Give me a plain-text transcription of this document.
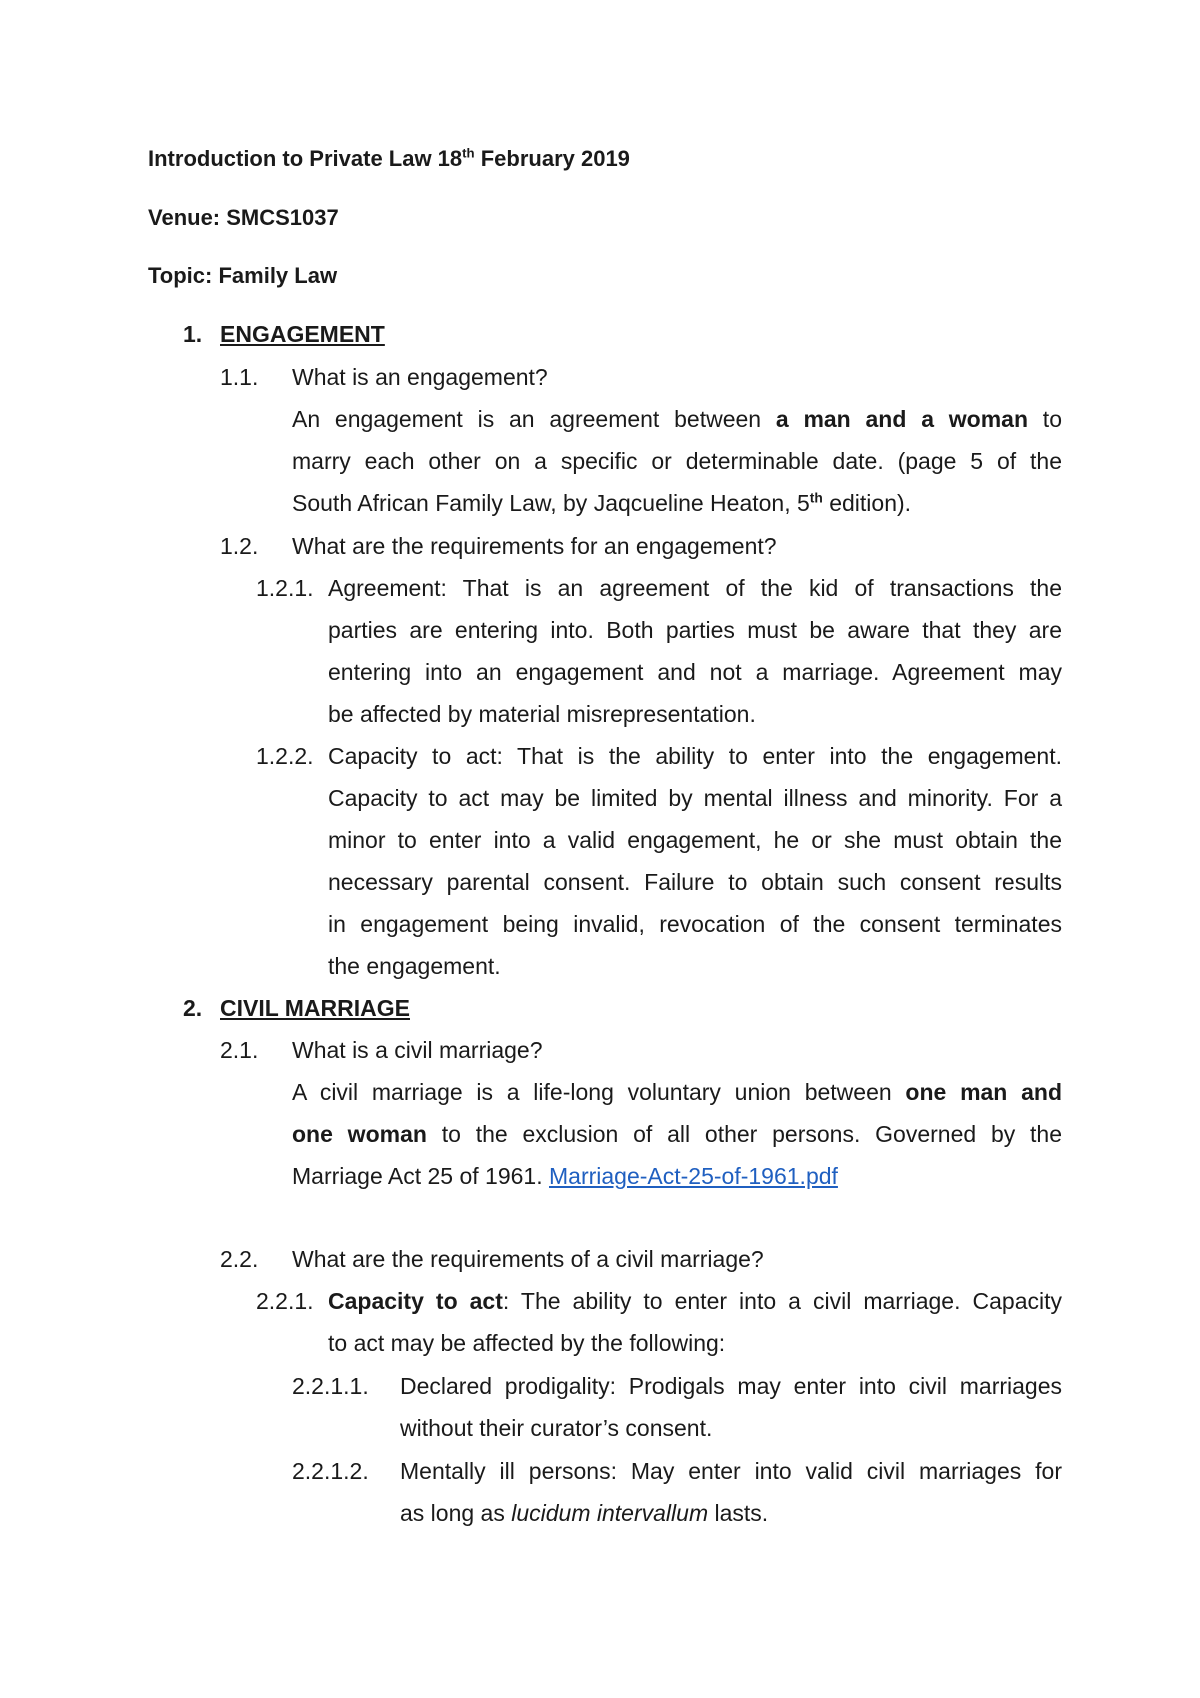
Introduction to Private Law 18th February 2019
Venue: SMCS1037
Topic: Family Law
1. ENGAGEMENT
1.1. What is an engagement?
An engagement is an agreement between a man and a woman to
marry each other on a specific or determinable date. (page 5 of the
South African Family Law, by Jaqcueline Heaton, 5th edition).
1.2. What are the requirements for an engagement?
1.2.1. Agreement: That is an agreement of the kid of transactions the
parties are entering into. Both parties must be aware that they are
entering into an engagement and not a marriage. Agreement may
be affected by material misrepresentation.
1.2.2. Capacity to act: That is the ability to enter into the engagement.
Capacity to act may be limited by mental illness and minority. For a
minor to enter into a valid engagement, he or she must obtain the
necessary parental consent. Failure to obtain such consent results
in engagement being invalid, revocation of the consent terminates
the engagement.
2. CIVIL MARRIAGE
2.1. What is a civil marriage?
A civil marriage is a life-long voluntary union between one man and
one woman to the exclusion of all other persons. Governed by the
Marriage Act 25 of 1961. Marriage-Act-25-of-1961.pdf
2.2. What are the requirements of a civil marriage?
2.2.1. Capacity to act: The ability to enter into a civil marriage. Capacity
to act may be affected by the following:
2.2.1.1. Declared prodigality: Prodigals may enter into civil marriages
without their curator’s consent.
2.2.1.2. Mentally ill persons: May enter into valid civil marriages for
as long as lucidum intervallum lasts.
